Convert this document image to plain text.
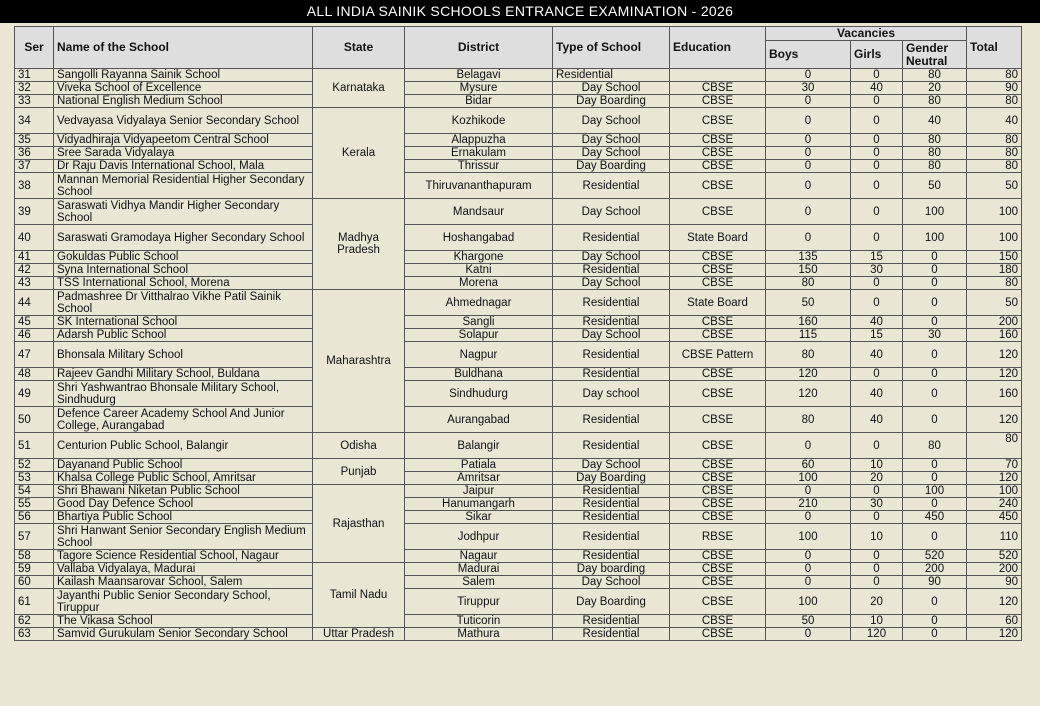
ALL INDIA SAINIK SCHOOLS ENTRANCE EXAMINATION - 2026
Ser	Name of the School	State	District	Type of School	Education	Vacancies			Total
						Boys	Girls	Gender Neutral	
31	Sangolli Rayanna Sainik School	Karnataka	Belagavi	Residential		0	0	80	80
32	Viveka School of Excellence		Mysure	Day School	CBSE	30	40	20	90
33	National English Medium School		Bidar	Day Boarding	CBSE	0	0	80	80
34	Vedvayasa Vidyalaya Senior Secondary School	Kerala	Kozhikode	Day School	CBSE	0	0	40	40
35	Vidyadhiraja Vidyapeetom Central School		Alappuzha	Day School	CBSE	0	0	80	80
36	Sree Sarada Vidyalaya		Ernakulam	Day School	CBSE	0	0	80	80
37	Dr Raju Davis International School, Mala		Thrissur	Day Boarding	CBSE	0	0	80	80
38	Mannan Memorial Residential Higher Secondary School		Thiruvananthapuram	Residential	CBSE	0	0	50	50
39	Saraswati Vidhya Mandir Higher Secondary School	Madhya Pradesh	Mandsaur	Day School	CBSE	0	0	100	100
40	Saraswati Gramodaya Higher Secondary School		Hoshangabad	Residential	State Board	0	0	100	100
41	Gokuldas Public School		Khargone	Day School	CBSE	135	15	0	150
42	Syna International School		Katni	Residential	CBSE	150	30	0	180
43	TSS International School, Morena		Morena	Day School	CBSE	80	0	0	80
44	Padmashree Dr Vitthalrao Vikhe Patil Sainik School	Maharashtra	Ahmednagar	Residential	State Board	50	0	0	50
45	SK International School		Sangli	Residential	CBSE	160	40	0	200
46	Adarsh Public School		Solapur	Day School	CBSE	115	15	30	160
47	Bhonsala Military School		Nagpur	Residential	CBSE Pattern	80	40	0	120
48	Rajeev Gandhi Military School, Buldana		Buldhana	Residential	CBSE	120	0	0	120
49	Shri Yashwantrao Bhonsale Military School, Sindhudurg		Sindhudurg	Day school	CBSE	120	40	0	160
50	Defence Career Academy School And Junior College, Aurangabad		Aurangabad	Residential	CBSE	80	40	0	120
51	Centurion Public School, Balangir	Odisha	Balangir	Residential	CBSE	0	0	80	80
52	Dayanand Public School	Punjab	Patiala	Day School	CBSE	60	10	0	70
53	Khalsa College Public School, Amritsar		Amritsar	Day Boarding	CBSE	100	20	0	120
54	Shri Bhawani Niketan Public School	Rajasthan	Jaipur	Residential	CBSE	0	0	100	100
55	Good Day Defence School		Hanumangarh	Residential	CBSE	210	30	0	240
56	Bhartiya Public School		Sikar	Residential	CBSE	0	0	450	450
57	Shri Hanwant Senior Secondary English Medium School		Jodhpur	Residential	RBSE	100	10	0	110
58	Tagore Science Residential School, Nagaur		Nagaur	Residential	CBSE	0	0	520	520
59	Vallaba Vidyalaya, Madurai	Tamil Nadu	Madurai	Day boarding	CBSE	0	0	200	200
60	Kailash Maansarovar School, Salem		Salem	Day School	CBSE	0	0	90	90
61	Jayanthi Public Senior Secondary School, Tiruppur		Tiruppur	Day Boarding	CBSE	100	20	0	120
62	The Vikasa School		Tuticorin	Residential	CBSE	50	10	0	60
63	Samvid Gurukulam Senior Secondary School	Uttar Pradesh	Mathura	Residential	CBSE	0	120	0	120
